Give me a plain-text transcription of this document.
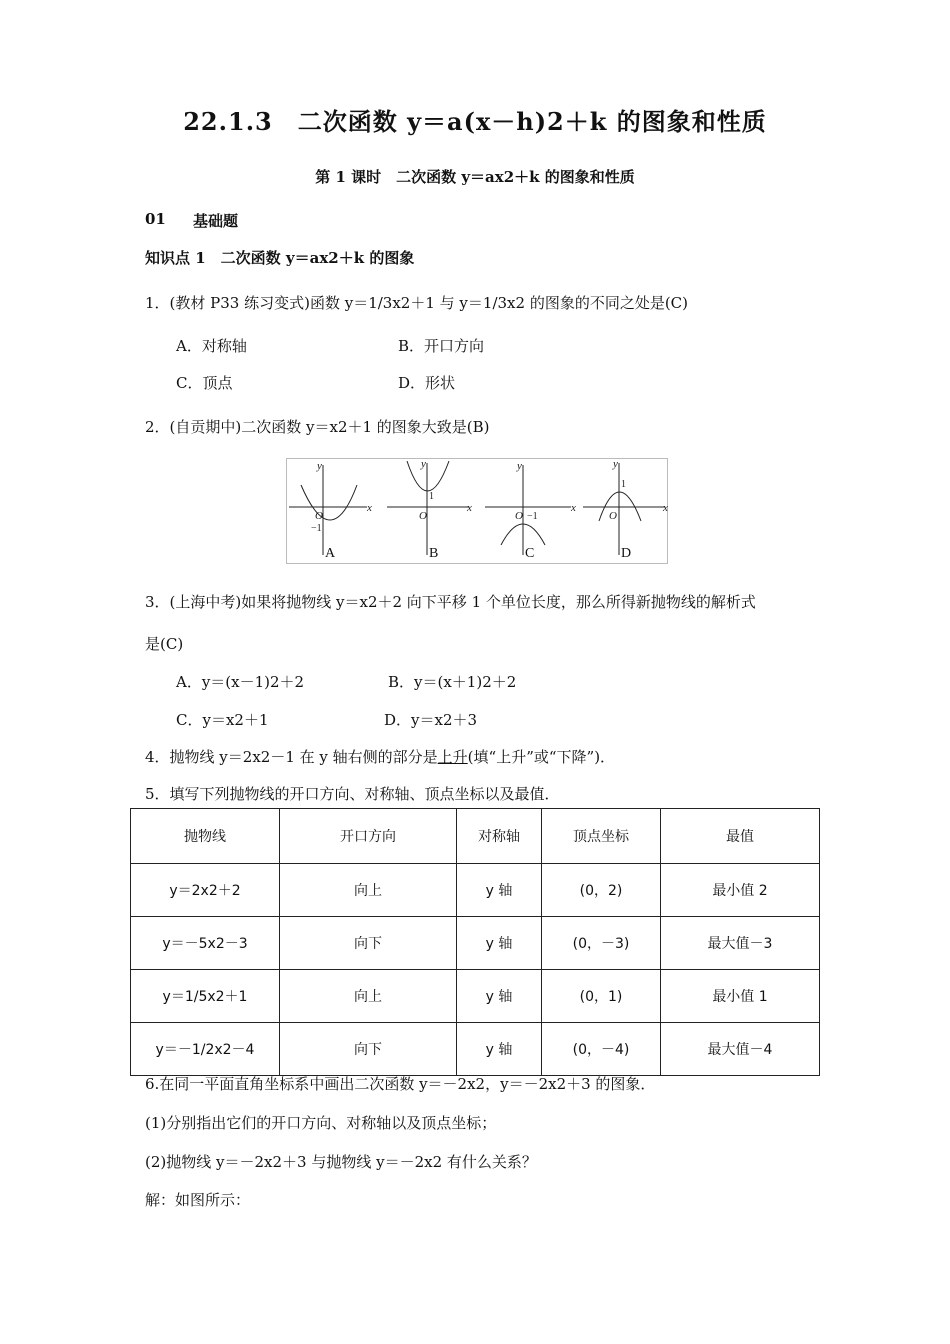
22.1.3　二次函数 y＝a(x－h)2＋k 的图象和性质
第 1 课时　二次函数 y＝ax2＋k 的图象和性质
01 基础题
知识点 1　二次函数 y＝ax2＋k 的图象
1．(教材 P33 练习变式)函数 y＝1/3x2＋1 与 y＝1/3x2 的图象的不同之处是(C)
A．对称轴	B．开口方向
C．顶点	D．形状
2．(自贡期中)二次函数 y＝x2＋1 的图象大致是(B)
y
x
O
y
x
O
y
x
O
y
x
O
−1
1
−1
1
A	B	C	D
3．(上海中考)如果将抛物线 y＝x2＋2 向下平移 1 个单位长度，那么所得新抛物线的解析式
是(C)
A．y＝(x－1)2＋2	B．y＝(x＋1)2＋2
C．y＝x2＋1	D．y＝x2＋3
4．抛物线 y＝2x2－1 在 y 轴右侧的部分是上升(填“上升”或“下降”)．
5．填写下列抛物线的开口方向、对称轴、顶点坐标以及最值．
抛物线	开口方向	对称轴	顶点坐标	最值
y＝2x2＋2	向上	y 轴	(0，2)	最小值 2
y＝－5x2－3	向下	y 轴	(0，－3)	最大值－3
y＝1/5x2＋1	向上	y 轴	(0，1)	最小值 1
y＝－1/2x2－4	向下	y 轴	(0，－4)	最大值－4
6.在同一平面直角坐标系中画出二次函数 y＝－2x2，y＝－2x2＋3 的图象．
(1)分别指出它们的开口方向、对称轴以及顶点坐标；
(2)抛物线 y＝－2x2＋3 与抛物线 y＝－2x2 有什么关系？
解：如图所示：
